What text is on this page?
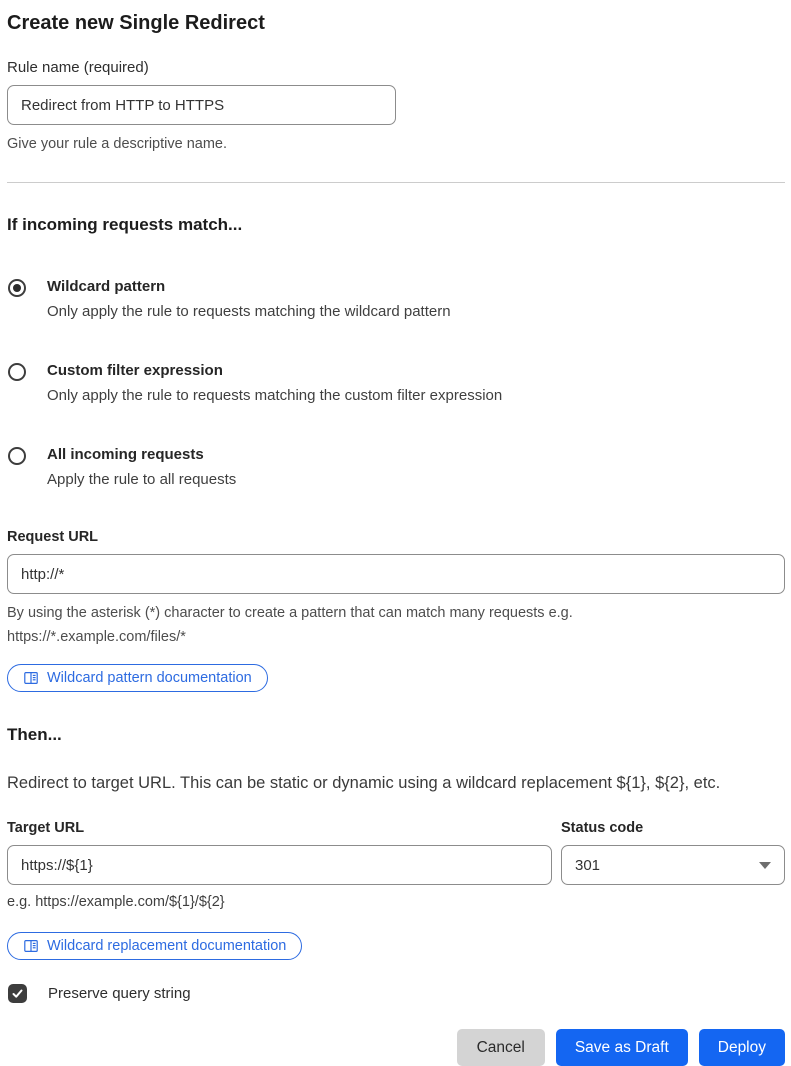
Create new Single Redirect
Rule name (required)
Redirect from HTTP to HTTPS
Give your rule a descriptive name.
If incoming requests match...
Wildcard pattern
Only apply the rule to requests matching the wildcard pattern
Custom filter expression
Only apply the rule to requests matching the custom filter expression
All incoming requests
Apply the rule to all requests
Request URL
http://*
By using the asterisk (*) character to create a pattern that can match many requests e.g.
https://*.example.com/files/*
Wildcard pattern documentation
Then...
Redirect to target URL. This can be static or dynamic using a wildcard replacement ${1}, ${2}, etc.
Target URL
https://${1}
e.g. https://example.com/${1}/${2}
Wildcard replacement documentation
Status code
301
Preserve query string
Cancel	Save as Draft	Deploy
